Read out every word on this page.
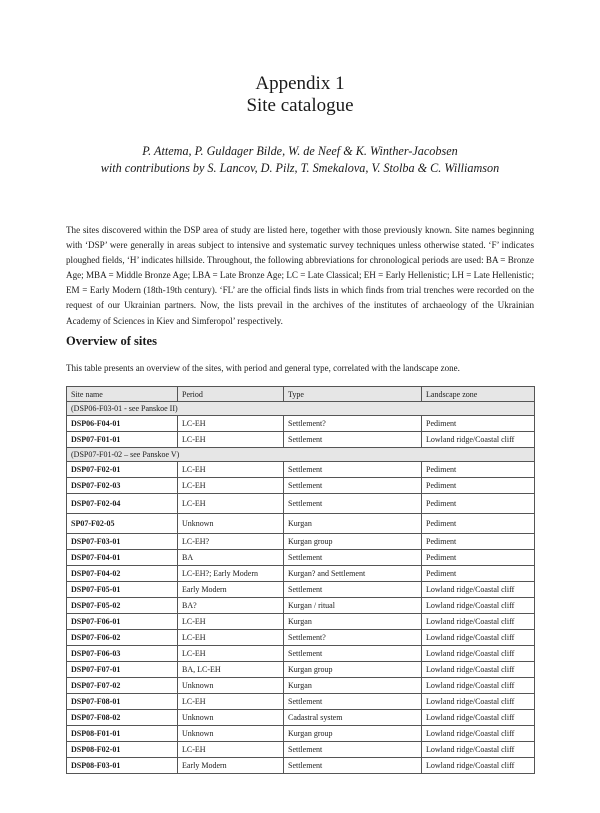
Appendix 1
Site catalogue
P. Attema, P. Guldager Bilde, W. de Neef & K. Winther-Jacobsen
with contributions by S. Lancov, D. Pilz, T. Smekalova, V. Stolba & C. Williamson

The sites discovered within the DSP area of study are listed here, together with those previously known. Site names beginning with ‘DSP’ were generally in areas subject to intensive and systematic survey techniques unless otherwise stated. ‘F’ indicates ploughed fields, ‘H’ indicates hillside. Throughout, the following abbreviations for chronological periods are used: BA = Bronze Age; MBA = Middle Bronze Age; LBA = Late Bronze Age; LC = Late Classical; EH = Early Hellenistic; LH = Late Hellenistic; EM = Early Modern (18th-19th century). ‘FL’ are the official finds lists in which finds from trial trenches were recorded on the request of our Ukrainian partners. Now, the lists prevail in the archives of the institutes of archaeology of the Ukrainian Academy of Sciences in Kiev and Simferopol’ respectively.

Overview of sites
This table presents an overview of the sites, with period and general type, correlated with the landscape zone.
Site name	Period	Type	Landscape zone
(DSP06-F03-01 - see Panskoe II)			
DSP06-F04-01	LC-EH	Settlement?	Pediment
DSP07-F01-01	LC-EH	Settlement	Lowland ridge/Coastal cliff
(DSP07-F01-02 – see Panskoe V)			
DSP07-F02-01	LC-EH	Settlement	Pediment
DSP07-F02-03	LC-EH	Settlement	Pediment
DSP07-F02-04	LC-EH	Settlement	Pediment
SP07-F02-05	Unknown	Kurgan	Pediment
DSP07-F03-01	LC-EH?	Kurgan group	Pediment
DSP07-F04-01	BA	Settlement	Pediment
DSP07-F04-02	LC-EH?; Early Modern	Kurgan? and Settlement	Pediment
DSP07-F05-01	Early Modern	Settlement	Lowland ridge/Coastal cliff
DSP07-F05-02	BA?	Kurgan / ritual	Lowland ridge/Coastal cliff
DSP07-F06-01	LC-EH	Kurgan	Lowland ridge/Coastal cliff
DSP07-F06-02	LC-EH	Settlement?	Lowland ridge/Coastal cliff
DSP07-F06-03	LC-EH	Settlement	Lowland ridge/Coastal cliff
DSP07-F07-01	BA, LC-EH	Kurgan group	Lowland ridge/Coastal cliff
DSP07-F07-02	Unknown	Kurgan	Lowland ridge/Coastal cliff
DSP07-F08-01	LC-EH	Settlement	Lowland ridge/Coastal cliff
DSP07-F08-02	Unknown	Cadastral system	Lowland ridge/Coastal cliff
DSP08-F01-01	Unknown	Kurgan group	Lowland ridge/Coastal cliff
DSP08-F02-01	LC-EH	Settlement	Lowland ridge/Coastal cliff
DSP08-F03-01	Early Modern	Settlement	Lowland ridge/Coastal cliff
